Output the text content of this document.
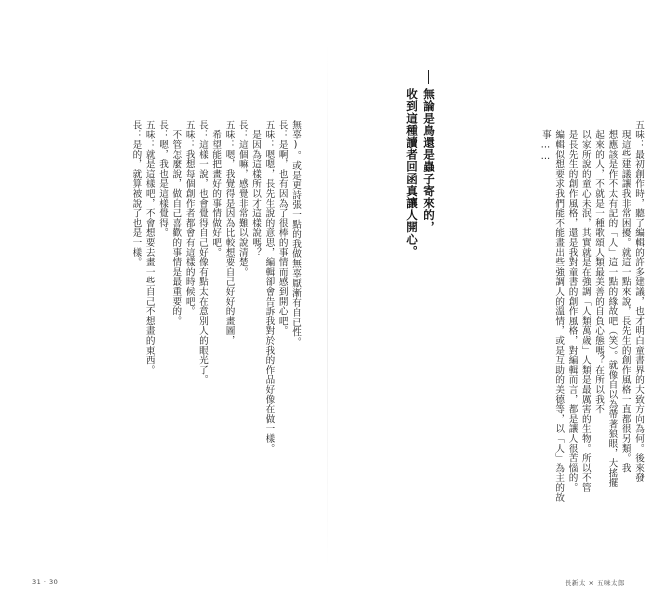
無辜)。或是更詩張一點的我做無辜厭漸有自已性。
長：是啊，也有因為了很棒的事情而感到開心吧。
五味：嗯嗯，長先生說的意思，編輯卻會告訴我對於我的作品好像在做一樣。
　是因為這樣所以才這樣說嗎？
長：這個嘛，感覺非常難以說清楚。
五味：嗯，我覺得是因為比較想要自己好好的畫圖，
　希望能把畫好的事情做好吧。
長：這樣一說，也會覺得自己好像有點太在意別人的眼光了。
五味：我想每個創作者都會有這樣的時候吧。
　不管怎麼說，做自己喜歡的事情是最重要的。
長：嗯，我也是這樣覺得。
五味：就是這樣吧，不會想要去畫一些自己不想畫的東西。
長：是的，就算被說了也是一樣。
31 · 30
無論是鳥還是蟲子寄來的，
收到這種讀者回函真讓人開心。	五味：最初創作時，聽了編輯的許多建議，也才明白童書界的大致方向為何。後來發
　現這些建議讓我非常困擾。就這一點來說，長先生的創作風格一直都很另類。我
　想應該是作不太有記的「人」這一點的緣故吧（笑）。就像自以為帶著狼眼，大搖擺
　起來的人，不就是一種歌頌人類最美善的自負心態嗎？在所以我不
　以家所說的童心未泯，其實就是在強調「人類萬歲」人類是最厲害的生物。所以不管
　是長先生的創作風格，還是我對童書的創作風格，對編輯而言，都是讓人很苦惱的。
　編輯似想要求我們能不能畫出些強調人的溫情，或是互助的美德等，以「人」為主的故
　事……
長新太 × 五味太郎
